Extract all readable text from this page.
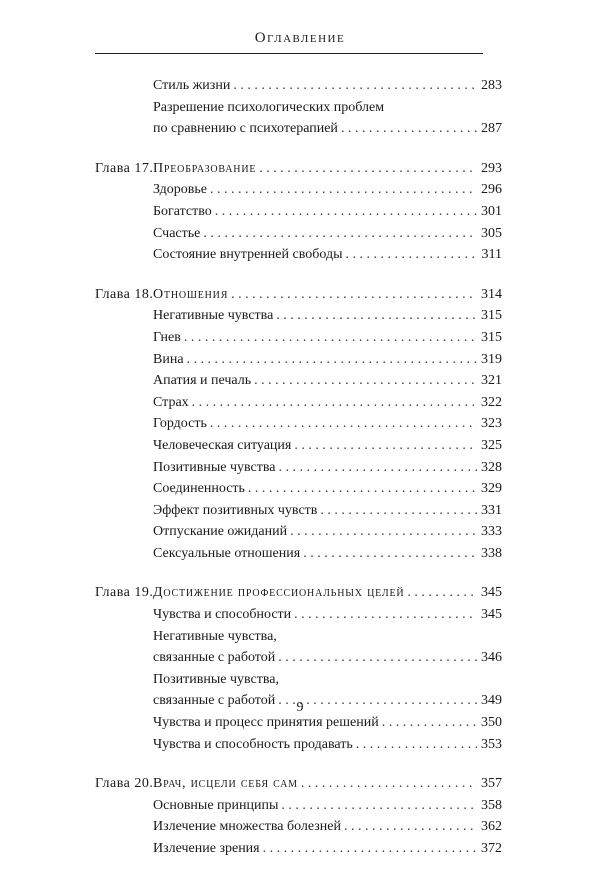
Оглавление
Стиль жизни . . .	283
Разрешение психологических проблем
по сравнению с психотерапией . . .	287
Глава 17. Преобразование . . .	293
Здоровье . . .	296
Богатство . . .	301
Счастье . . .	305
Состояние внутренней свободы . . .	311
Глава 18. Отношения . . .	314
Негативные чувства . . .	315
Гнев . . .	315
Вина . . .	319
Апатия и печаль . . .	321
Страх . . .	322
Гордость . . .	323
Человеческая ситуация . . .	325
Позитивные чувства . . .	328
Соединенность . . .	329
Эффект позитивных чувств . . .	331
Отпускание ожиданий . . .	333
Сексуальные отношения . . .	338
Глава 19. Достижение профессиональных целей . . .	345
Чувства и способности . . .	345
Негативные чувства,
связанные с работой . . .	346
Позитивные чувства,
связанные с работой . . .	349
Чувства и процесс принятия решений . . .	350
Чувства и способность продавать . . .	353
Глава 20. Врач, исцели себя сам . . .	357
Основные принципы . . .	358
Излечение множества болезней . . .	362
Излечение зрения . . .	372
9
